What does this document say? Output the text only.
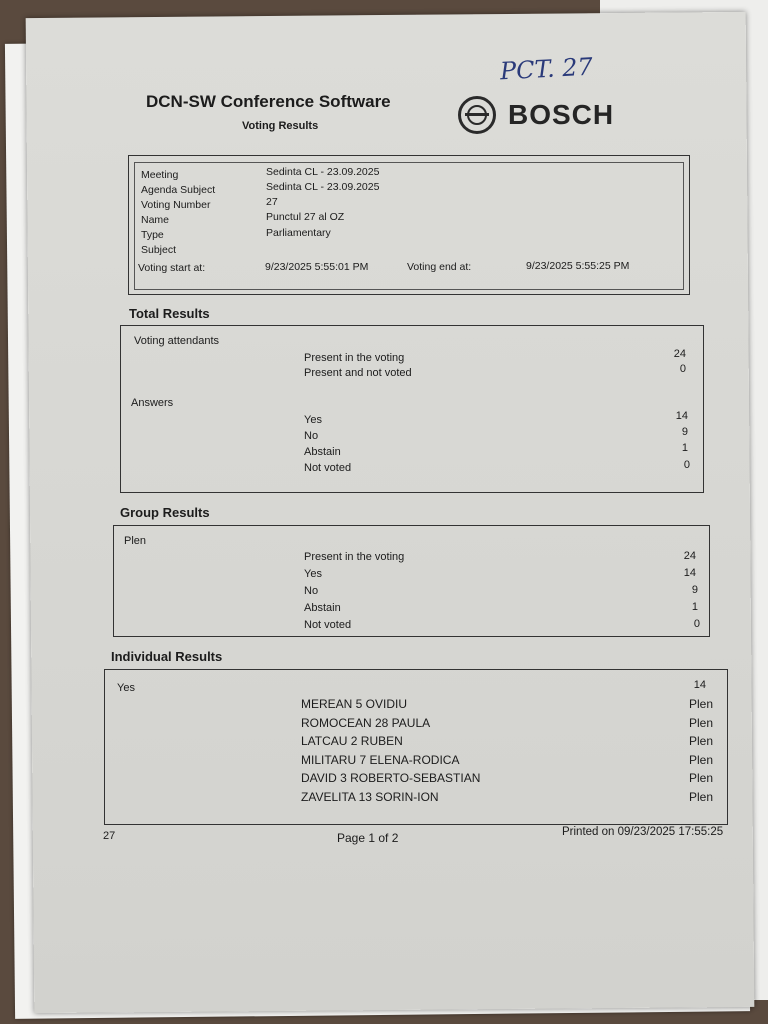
DCN-SW Conference Software
Voting Results	BOSCH
PCT. 27
Meeting	Sedinta CL - 23.09.2025
Agenda Subject	Sedinta CL - 23.09.2025
Voting Number	27
Name	Punctul 27 al OZ
Type	Parliamentary
Subject
Voting start at:	9/23/2025 5:55:01 PM	Voting end at:	9/23/2025 5:55:25 PM
Total Results
Voting attendants
Present in the voting	24
Present and not voted	0
Answers
Yes	14
No	9
Abstain	1
Not voted	0
Group Results
Plen
Present in the voting	24
Yes	14
No	9
Abstain	1
Not voted	0
Individual Results
Yes	14
MEREAN 5 OVIDIU	Plen
ROMOCEAN 28 PAULA	Plen
LATCAU 2 RUBEN	Plen
MILITARU 7 ELENA-RODICA	Plen
DAVID 3 ROBERTO-SEBASTIAN	Plen
ZAVELITA 13 SORIN-ION	Plen
27	Page 1 of 2	Printed on 09/23/2025 17:55:25
